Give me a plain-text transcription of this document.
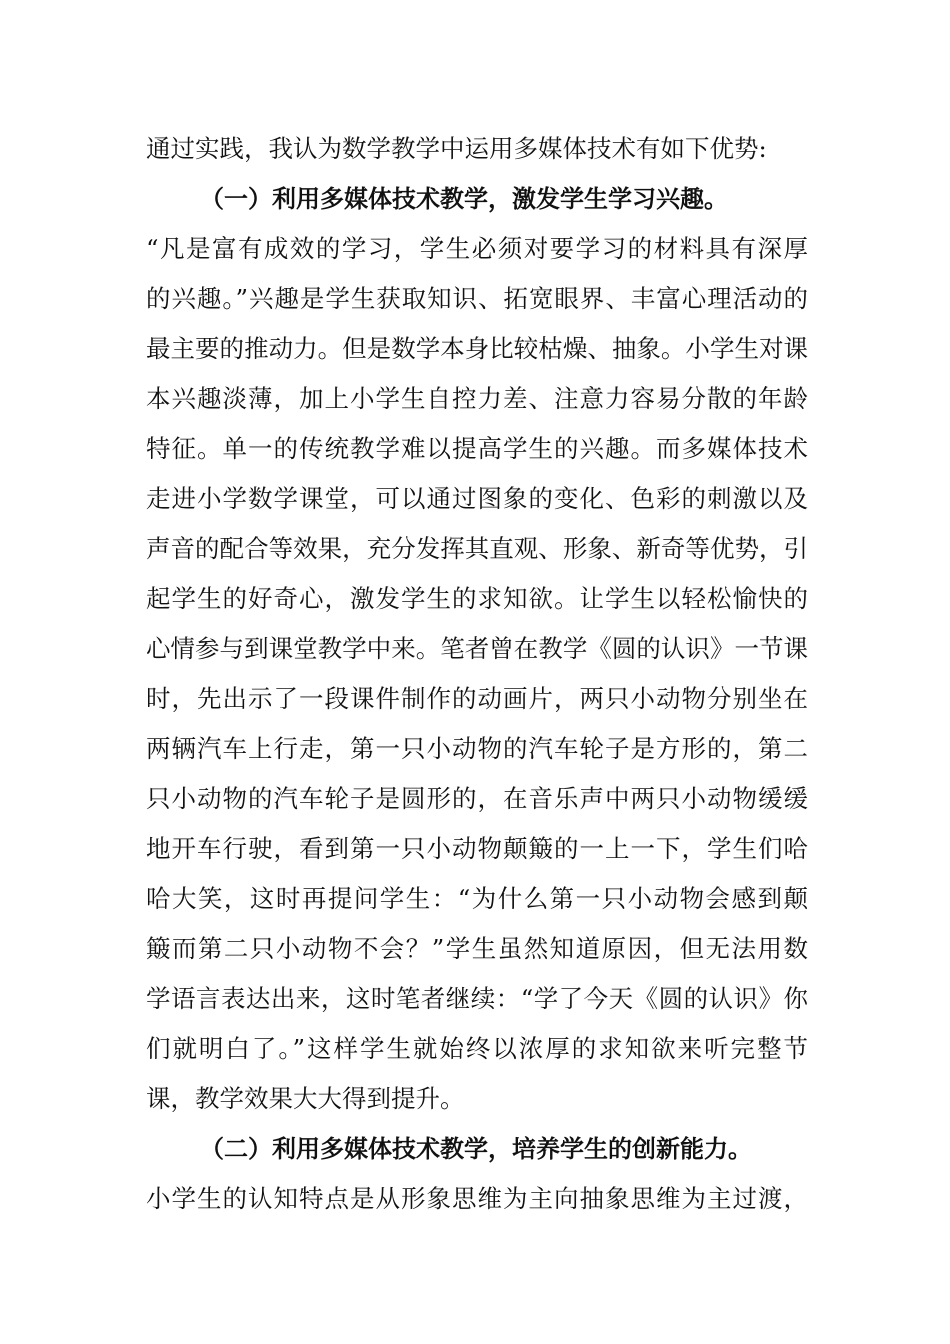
通过实践，我认为数学教学中运用多媒体技术有如下优势:
（一）利用多媒体技术教学，激发学生学习兴趣。
“凡是富有成效的学习，学生必须对要学习的材料具有深厚
的兴趣。”兴趣是学生获取知识、拓宽眼界、丰富心理活动的
最主要的推动力。但是数学本身比较枯燥、抽象。小学生对课
本兴趣淡薄，加上小学生自控力差、注意力容易分散的年龄
特征。单一的传统教学难以提高学生的兴趣。而多媒体技术
走进小学数学课堂，可以通过图象的变化、色彩的刺激以及
声音的配合等效果，充分发挥其直观、形象、新奇等优势，引
起学生的好奇心，激发学生的求知欲。让学生以轻松愉快的
心情参与到课堂教学中来。笔者曾在教学《圆的认识》一节课
时，先出示了一段课件制作的动画片，两只小动物分别坐在
两辆汽车上行走，第一只小动物的汽车轮子是方形的，第二
只小动物的汽车轮子是圆形的，在音乐声中两只小动物缓缓
地开车行驶，看到第一只小动物颠簸的一上一下，学生们哈
哈大笑，这时再提问学生：“为什么第一只小动物会感到颠
簸而第二只小动物不会？”学生虽然知道原因，但无法用数
学语言表达出来，这时笔者继续：“学了今天《圆的认识》你
们就明白了。”这样学生就始终以浓厚的求知欲来听完整节
课，教学效果大大得到提升。
（二）利用多媒体技术教学，培养学生的创新能力。
小学生的认知特点是从形象思维为主向抽象思维为主过渡，
